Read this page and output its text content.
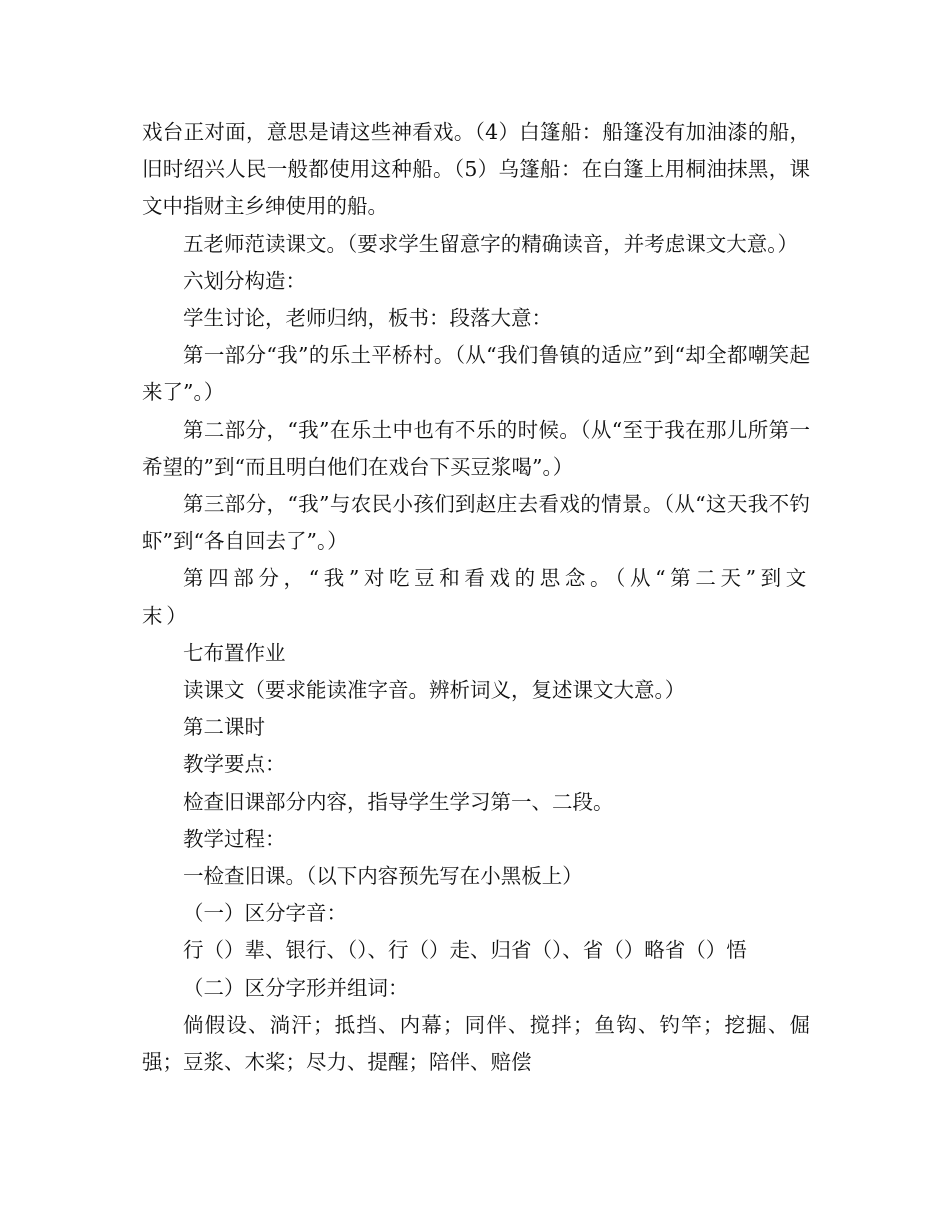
戏台正对面，意思是请这些神看戏。（4）白篷船：船篷没有加油漆的船，旧时绍兴人民一般都使用这种船。（5）乌篷船：在白篷上用桐油抹黑，课文中指财主乡绅使用的船。

五老师范读课文。（要求学生留意字的精确读音，并考虑课文大意。）

六划分构造：

学生讨论，老师归纳，板书：段落大意：

第一部分“我”的乐土平桥村。（从“我们鲁镇的适应”到“却全都嘲笑起来了”。）

第二部分，“我”在乐土中也有不乐的时候。（从“至于我在那儿所第一希望的”到“而且明白他们在戏台下买豆浆喝”。）

第三部分，“我”与农民小孩们到赵庄去看戏的情景。（从“这天我不钓虾”到“各自回去了”。）

第四部分，“我”对吃豆和看戏的思念。（从“第二天”到文末）

七布置作业

读课文（要求能读准字音。辨析词义，复述课文大意。）

第二课时

教学要点：

检查旧课部分内容，指导学生学习第一、二段。

教学过程：

一检查旧课。（以下内容预先写在小黑板上）

（一）区分字音：

行（）辈、银行、（）、行（）走、归省（）、省（）略省（）悟

（二）区分字形并组词：

倘假设、淌汗；抵挡、内幕；同伴、搅拌；鱼钩、钓竿；挖掘、倔强；豆浆、木桨；尽力、提醒；陪伴、赔偿
